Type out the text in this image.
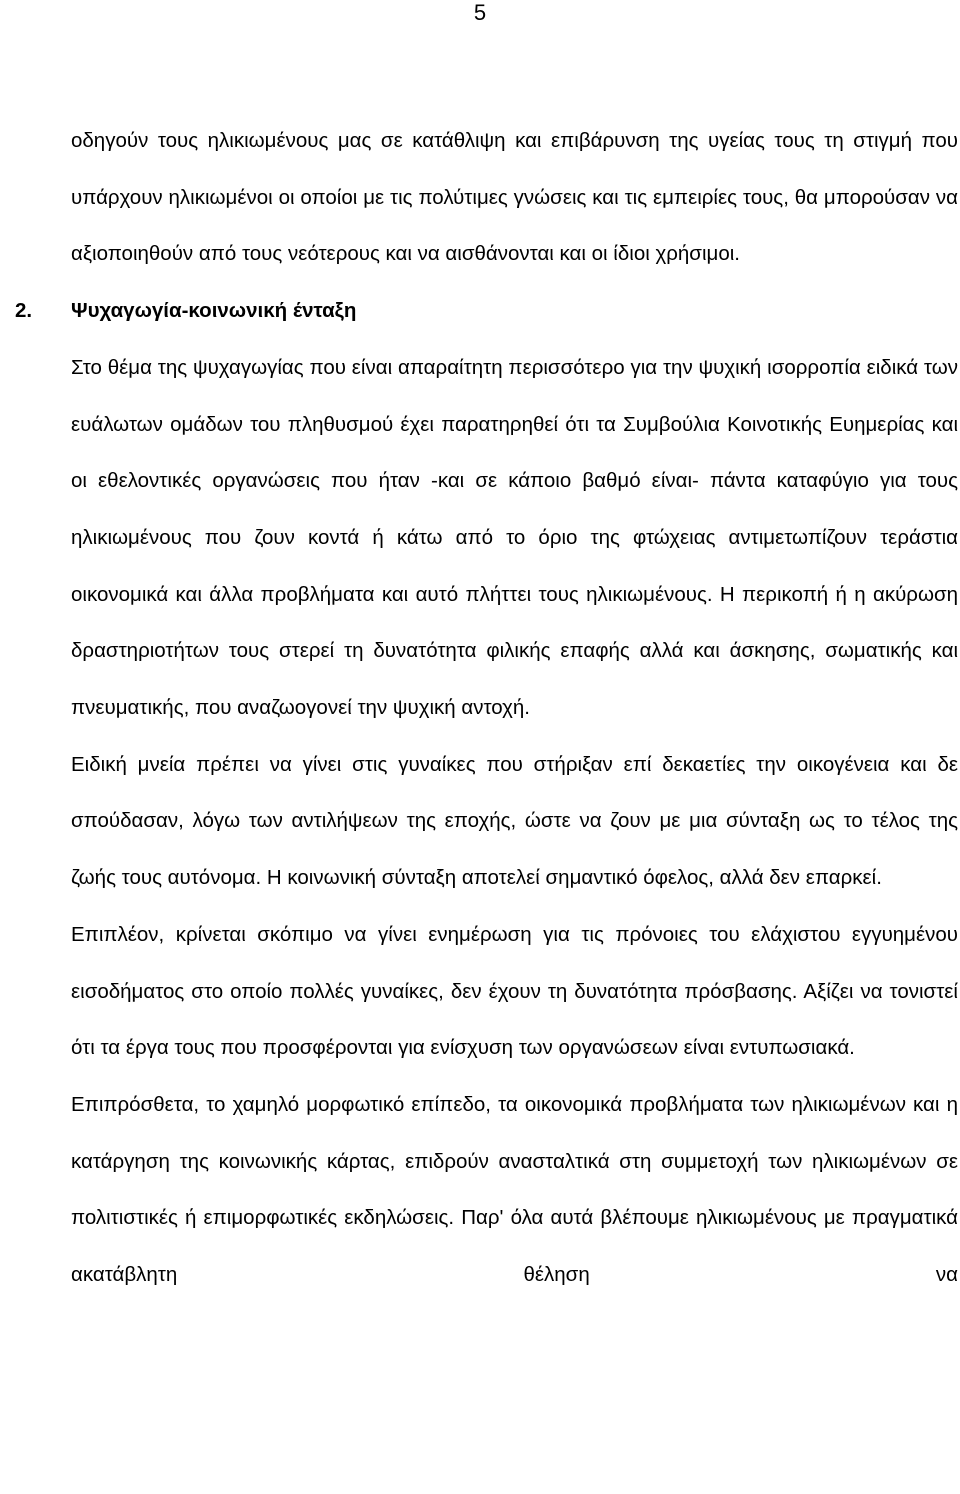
5

οδηγούν τους ηλικιωμένους μας σε κατάθλιψη και επιβάρυνση της υγείας τους τη στιγμή που υπάρχουν ηλικιωμένοι οι οποίοι με τις πολύτιμες γνώσεις και τις εμπειρίες τους, θα μπορούσαν να αξιοποιηθούν από τους νεότερους και να αισθάνονται και οι ίδιοι χρήσιμοι.

2. Ψυχαγωγία-κοινωνική ένταξη

Στο θέμα της ψυχαγωγίας που είναι απαραίτητη περισσότερο για την ψυχική ισορροπία ειδικά των ευάλωτων ομάδων του πληθυσμού έχει παρατηρηθεί ότι τα Συμβούλια Κοινοτικής Ευημερίας και οι εθελοντικές οργανώσεις που ήταν -και σε κάποιο βαθμό είναι- πάντα καταφύγιο για τους ηλικιωμένους που ζουν κοντά ή κάτω από το όριο της φτώχειας αντιμετωπίζουν τεράστια οικονομικά και άλλα προβλήματα και αυτό πλήττει τους ηλικιωμένους. Η περικοπή ή η ακύρωση δραστηριοτήτων τους στερεί τη δυνατότητα φιλικής επαφής αλλά και άσκησης, σωματικής και πνευματικής, που αναζωογονεί την ψυχική αντοχή.

Ειδική μνεία πρέπει να γίνει στις γυναίκες που στήριξαν επί δεκαετίες την οικογένεια και δε σπούδασαν, λόγω των αντιλήψεων της εποχής, ώστε να ζουν με μια σύνταξη ως το τέλος της ζωής τους αυτόνομα. Η κοινωνική σύνταξη αποτελεί σημαντικό όφελος, αλλά δεν επαρκεί.

Επιπλέον, κρίνεται σκόπιμο να γίνει ενημέρωση για τις πρόνοιες του ελάχιστου εγγυημένου εισοδήματος στο οποίο πολλές γυναίκες, δεν έχουν τη δυνατότητα πρόσβασης. Αξίζει να τονιστεί ότι τα έργα τους που προσφέρονται για ενίσχυση των οργανώσεων είναι εντυπωσιακά.

Επιπρόσθετα, το χαμηλό μορφωτικό επίπεδο, τα οικονομικά προβλήματα των ηλικιωμένων και η κατάργηση της κοινωνικής κάρτας, επιδρούν ανασταλτικά στη συμμετοχή των ηλικιωμένων σε πολιτιστικές ή επιμορφωτικές εκδηλώσεις. Παρ' όλα αυτά βλέπουμε ηλικιωμένους με πραγματικά ακατάβλητη θέληση να
